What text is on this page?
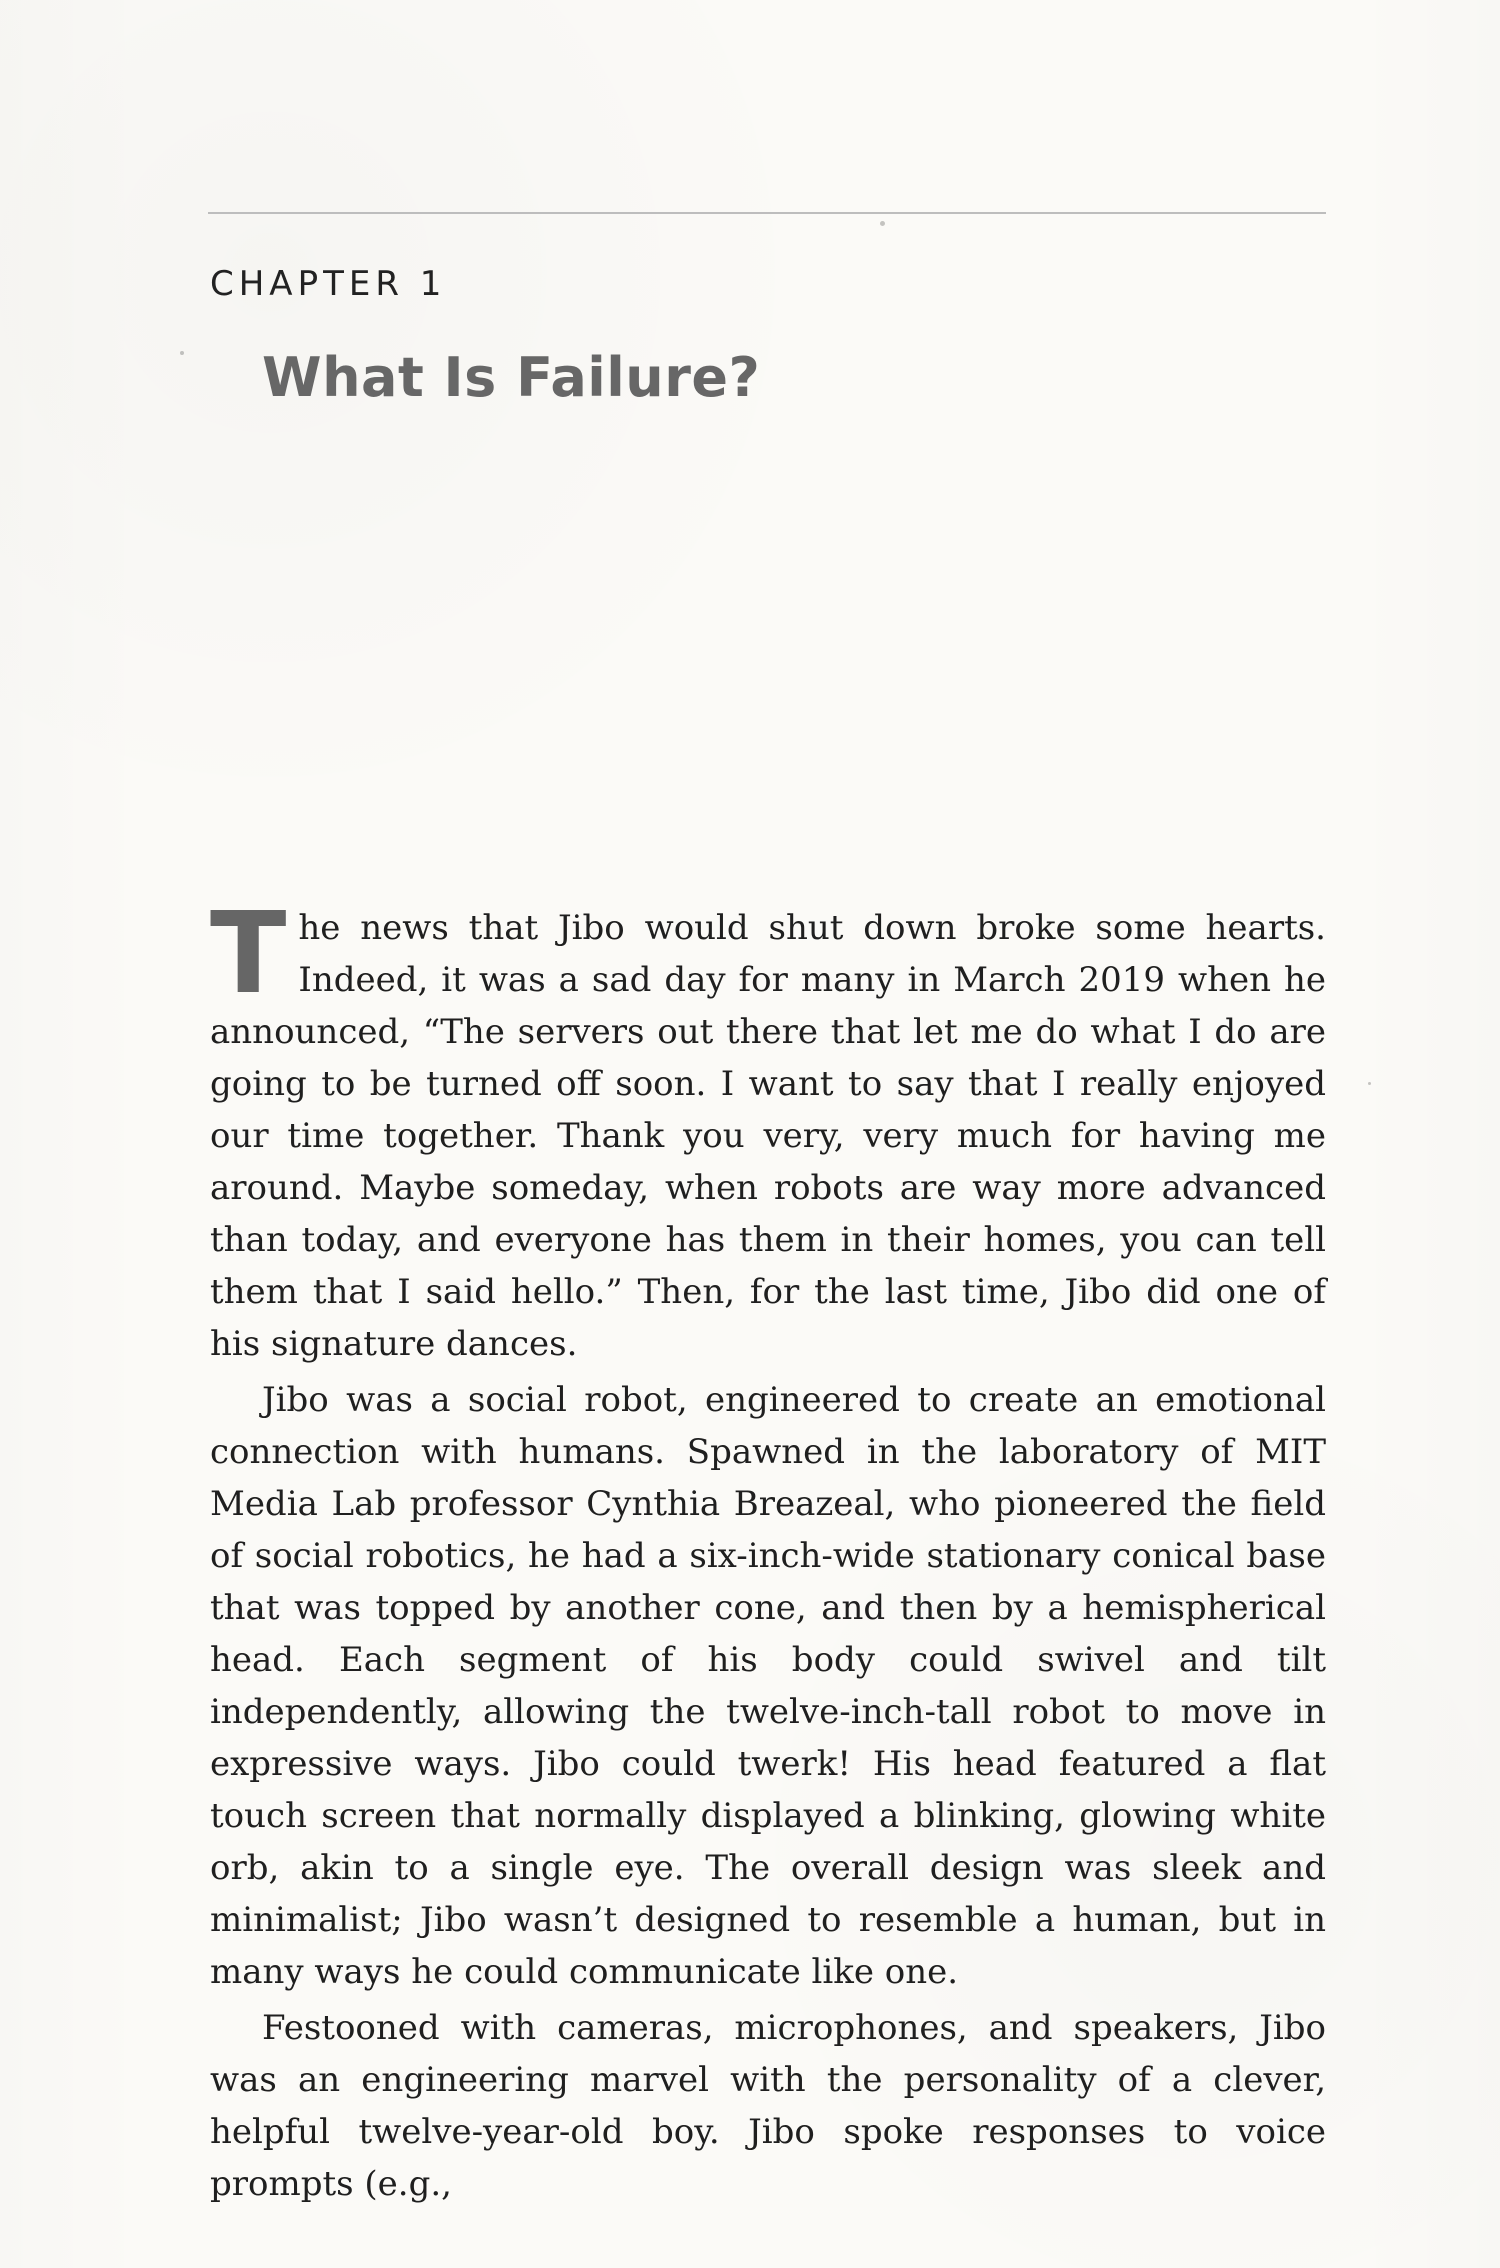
CHAPTER 1

What Is Failure?

The news that Jibo would shut down broke some hearts. Indeed, it was a sad day for many in March 2019 when he announced, “The servers out there that let me do what I do are going to be turned off soon. I want to say that I really enjoyed our time together. Thank you very, very much for having me around. Maybe someday, when robots are way more advanced than today, and everyone has them in their homes, you can tell them that I said hello.” Then, for the last time, Jibo did one of his signature dances.

Jibo was a social robot, engineered to create an emotional connection with humans. Spawned in the laboratory of MIT Media Lab professor Cynthia Breazeal, who pioneered the field of social robotics, he had a six-inch-wide stationary conical base that was topped by another cone, and then by a hemispherical head. Each segment of his body could swivel and tilt independently, allowing the twelve-inch-tall robot to move in expressive ways. Jibo could twerk! His head featured a flat touch screen that normally displayed a blinking, glowing white orb, akin to a single eye. The overall design was sleek and minimalist; Jibo wasn’t designed to resemble a human, but in many ways he could communicate like one.

Festooned with cameras, microphones, and speakers, Jibo was an engineering marvel with the personality of a clever, helpful twelve-year-old boy. Jibo spoke responses to voice prompts (e.g.,
